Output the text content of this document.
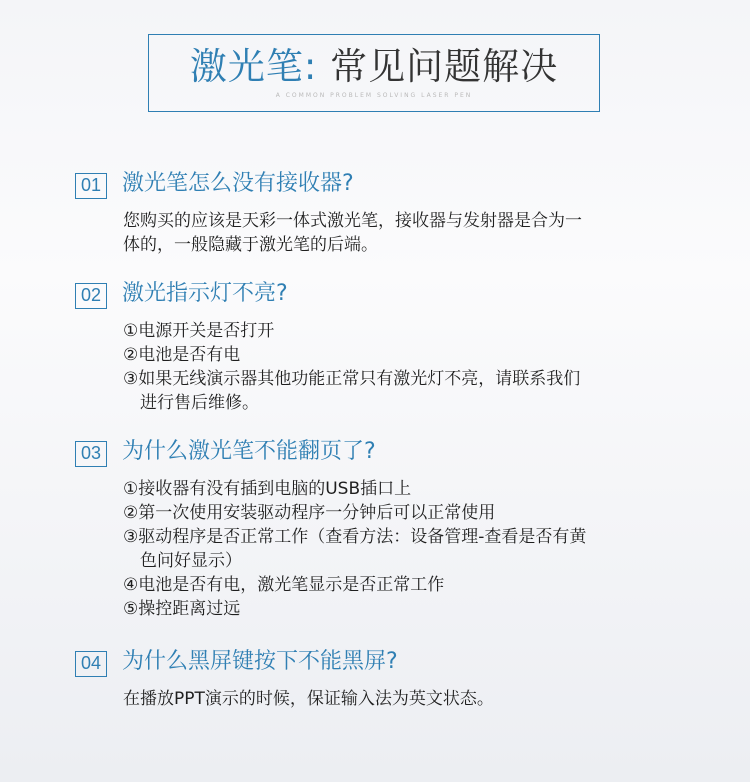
激光笔: 常见问题解决
A COMMON PROBLEM SOLVING LASER PEN
01 激光笔怎么没有接收器?
您购买的应该是天彩一体式激光笔，接收器与发射器是合为一
体的，一般隐藏于激光笔的后端。
02 激光指示灯不亮?
①电源开关是否打开
②电池是否有电
③如果无线演示器其他功能正常只有激光灯不亮，请联系我们
进行售后维修。
03 为什么激光笔不能翻页了?
①接收器有没有插到电脑的USB插口上
②第一次使用安装驱动程序一分钟后可以正常使用
③驱动程序是否正常工作（查看方法：设备管理-查看是否有黄
色问好显示）
④电池是否有电，激光笔显示是否正常工作
⑤操控距离过远
04 为什么黑屏键按下不能黑屏?
在播放PPT演示的时候，保证输入法为英文状态。
